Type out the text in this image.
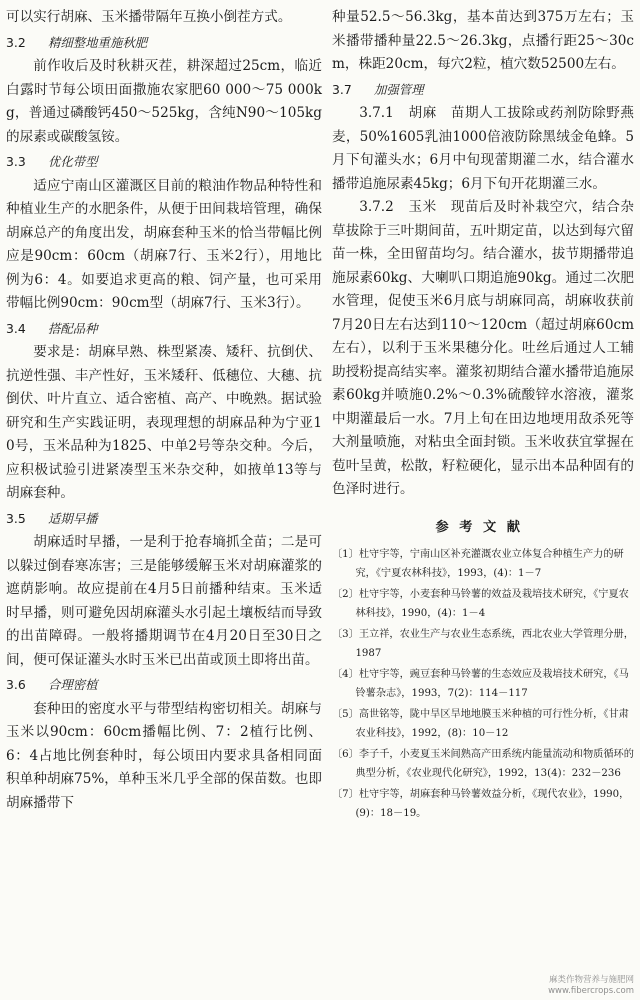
可以实行胡麻、玉米播带隔年互换小倒茬方式。

3.2 精细整地重施秋肥

前作收后及时秋耕灭茬，耕深超过25cm，临近白露时节每公顷田面撒施农家肥60 000～75 000kg，普通过磷酸钙450～525kg，含纯N90～105kg的尿素或碳酸氢铵。

3.3 优化带型

适应宁南山区灌溉区目前的粮油作物品种特性和种植业生产的水肥条件，从便于田间栽培管理，确保胡麻总产的角度出发，胡麻套种玉米的恰当带幅比例应是90cm：60cm（胡麻7行、玉米2行），用地比例为6：4。如要追求更高的粮、饲产量，也可采用带幅比例90cm：90cm型（胡麻7行、玉米3行）。

3.4 搭配品种

要求是：胡麻早熟、株型紧凑、矮秆、抗倒伏、抗逆性强、丰产性好，玉米矮秆、低穗位、大穗、抗倒伏、叶片直立、适合密植、高产、中晚熟。据试验研究和生产实践证明，表现理想的胡麻品种为宁亚10号，玉米品种为1825、中单2号等杂交种。今后，应积极试验引进紧凑型玉米杂交种，如掖单13等与胡麻套种。

3.5 适期早播

胡麻适时早播，一是利于抢春墒抓全苗；二是可以躲过倒春寒冻害；三是能够缓解玉米对胡麻灌浆的遮荫影响。故应提前在4月5日前播种结束。玉米适时早播，则可避免因胡麻灌头水引起土壤板结而导致的出苗障碍。一般将播期调节在4月20日至30日之间，便可保证灌头水时玉米已出苗或顶土即将出苗。

3.6 合理密植

套种田的密度水平与带型结构密切相关。胡麻与玉米以90cm：60cm播幅比例、7：2植行比例、6：4占地比例套种时，每公顷田内要求具备相同面积单种胡麻75%，单种玉米几乎全部的保苗数。也即胡麻播带下

种量52.5～56.3kg，基本苗达到375万左右；玉米播带播种量22.5～26.3kg，点播行距25～30cm，株距20cm，每穴2粒，植穴数52500左右。

3.7 加强管理

3.7.1　胡麻　苗期人工拔除或药剂防除野燕麦，50%1605乳油1000倍液防除黑绒金龟蜂。5月下旬灌头水；6月中旬现蕾期灌二水，结合灌水播带追施尿素45kg；6月下旬开花期灌三水。

3.7.2　玉米　现苗后及时补栽空穴，结合杂草拔除于三叶期间苗，五叶期定苗，以达到每穴留苗一株，全田留苗均匀。结合灌水，拔节期播带追施尿素60kg、大喇叭口期追施90kg。通过二次肥水管理，促使玉米6月底与胡麻同高，胡麻收获前7月20日左右达到110～120cm（超过胡麻60cm左右），以利于玉米果穗分化。吐丝后通过人工辅助授粉提高结实率。灌浆初期结合灌水播带追施尿素60kg并喷施0.2%～0.3%硫酸锌水溶液，灌浆中期灌最后一水。7月上旬在田边地埂用敌杀死等大剂量喷施，对粘虫全面封锁。玉米收获宜掌握在苞叶呈黄，松散，籽粒硬化，显示出本品种固有的色泽时进行。

参考文献
〔1〕杜守宇等，宁南山区补充灌溉农业立体复合种植生产力的研究，《宁夏农林科技》，1993，(4)：1－7
〔2〕杜守宇等，小麦套种马铃薯的效益及栽培技术研究，《宁夏农林科技》，1990，(4)：1－4
〔3〕王立祥，农业生产与农业生态系统，西北农业大学管理分册，1987
〔4〕杜守宇等，豌豆套种马铃薯的生态效应及栽培技术研究，《马铃薯杂志》，1993，7(2)：114－117
〔5〕高世铭等，陇中旱区旱地地膜玉米种植的可行性分析，《甘肃农业科技》，1992，(8)：10－12
〔6〕李子千，小麦夏玉米间熟高产田系统内能量流动和物质循环的典型分析，《农业现代化研究》，1992，13(4)：232－236
〔7〕杜守宇等，胡麻套种马铃薯效益分析，《现代农业》，1990，(9)：18－19。
麻类作物营养与施肥网
www.fibercrops.com
